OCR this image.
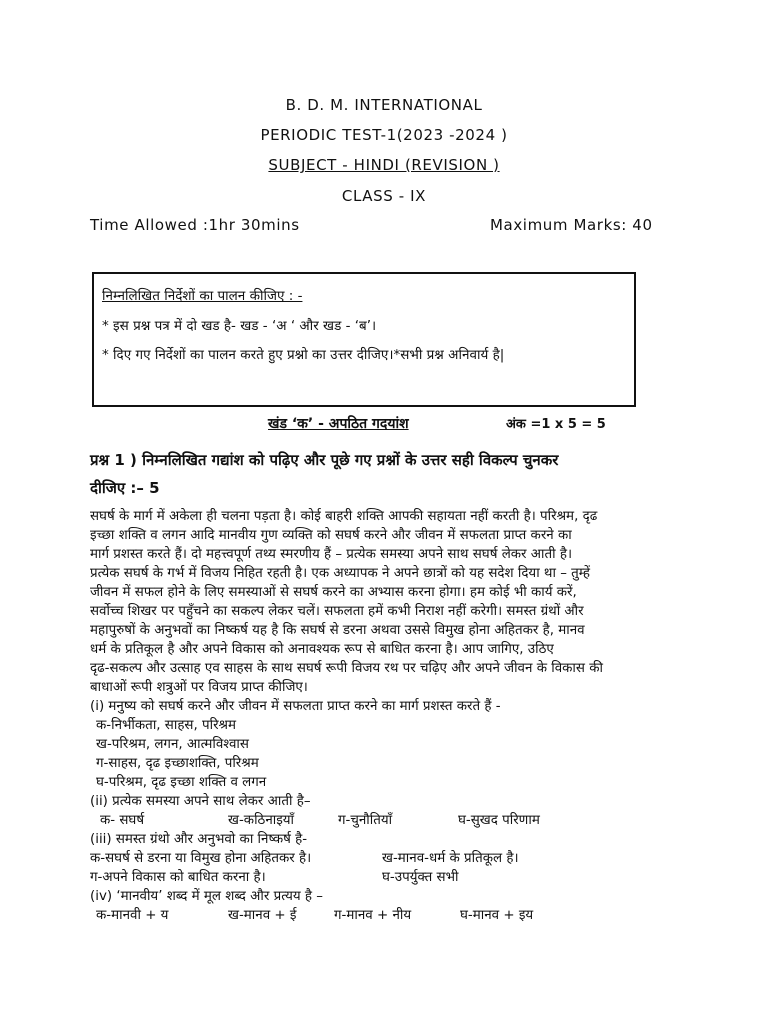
B. D. M. INTERNATIONAL
PERIODIC TEST-1(2023 -2024 )
SUBJECT - HINDI (REVISION )
CLASS - IX
Time Allowed :1hr 30mins	Maximum Marks: 40
निम्नलिखित निर्देशों का पालन कीजिए : -
* इस प्रश्न पत्र में दो खड है- खड - ‘अ ‘ और खड - ‘ब’।
* दिए गए निर्देशों का पालन करते हुए प्रश्नो का उत्तर दीजिए।*सभी प्रश्न अनिवार्य है|
खंड ‘क’ - अपठित गदयांश	अंक =1 x 5 = 5
प्रश्न 1 ) निम्नलिखित गद्यांश को पढ़िए और पूछे गए प्रश्नों के उत्तर सही विकल्प चुनकर
दीजिए :– 5
सघर्ष के मार्ग में अकेला ही चलना पड़ता है। कोई बाहरी शक्ति आपकी सहायता नहीं करती है। परिश्रम, दृढ
इच्छा शक्ति व लगन आदि मानवीय गुण व्यक्ति को सघर्ष करने और जीवन में सफलता प्राप्त करने का
मार्ग प्रशस्त करते हैं। दो महत्त्वपूर्ण तथ्य स्मरणीय हैं – प्रत्येक समस्या अपने साथ सघर्ष लेकर आती है।
प्रत्येक सघर्ष के गर्भ में विजय निहित रहती है। एक अध्यापक ने अपने छात्रों को यह सदेश दिया था – तुम्हें
जीवन में सफल होने के लिए समस्याओं से सघर्ष करने का अभ्यास करना होगा। हम कोई भी कार्य करें,
सर्वोच्च शिखर पर पहुँचने का सकल्प लेकर चलें। सफलता हमें कभी निराश नहीं करेगी। समस्त ग्रंथों और
महापुरुषों के अनुभवों का निष्कर्ष यह है कि सघर्ष से डरना अथवा उससे विमुख होना अहितकर है, मानव
धर्म के प्रतिकूल है और अपने विकास को अनावश्यक रूप से बाधित करना है। आप जागिए, उठिए
दृढ-सकल्प और उत्साह एव साहस के साथ सघर्ष रूपी विजय रथ पर चढ़िए और अपने जीवन के विकास की
बाधाओं रूपी शत्रुओं पर विजय प्राप्त कीजिए।
(i) मनुष्य को सघर्ष करने और जीवन में सफलता प्राप्त करने का मार्ग प्रशस्त करते हैं -
क-निर्भीकता, साहस, परिश्रम
ख-परिश्रम, लगन, आत्मविश्वास
ग-साहस, दृढ इच्छाशक्ति, परिश्रम
घ-परिश्रम, दृढ इच्छा शक्ति व लगन
(ii) प्रत्येक समस्या अपने साथ लेकर आती है–
क- सघर्ष	ख-कठिनाइयाँ	ग-चुनौतियाँ	घ-सुखद परिणाम
(iii) समस्त ग्रंथो और अनुभवो का निष्कर्ष है-
क-सघर्ष से डरना या विमुख होना अहितकर है।	ख-मानव-धर्म के प्रतिकूल है।
ग-अपने विकास को बाधित करना है।	घ-उपर्युक्त सभी
(iv) ‘मानवीय’ शब्द में मूल शब्द और प्रत्यय है –
क-मानवी + य	ख-मानव + ई	ग-मानव + नीय	घ-मानव + इय
